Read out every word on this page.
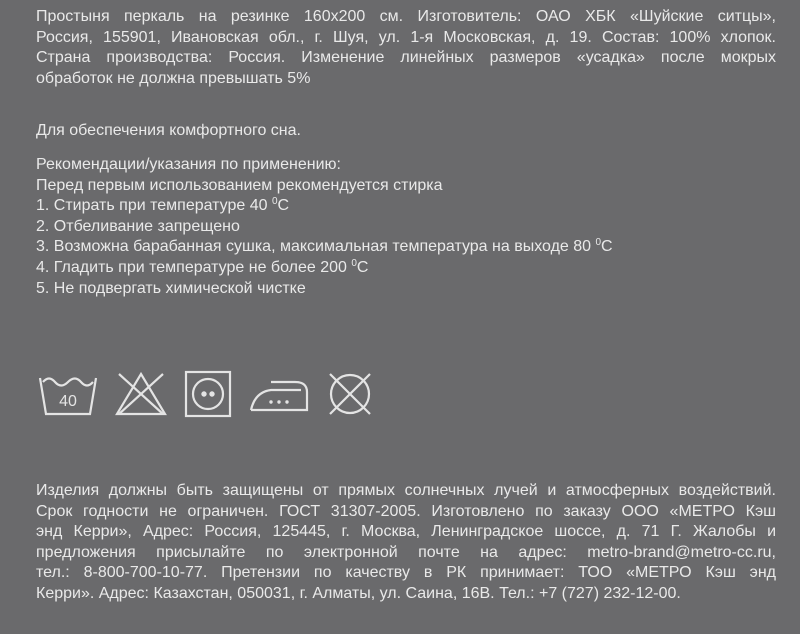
Простыня перкаль на резинке 160х200 см. Изготовитель: ОАО ХБК «Шуйские ситцы»,

Россия, 155901, Ивановская обл., г. Шуя, ул. 1-я Московская, д. 19. Состав: 100% хлопок.

Страна производства: Россия. Изменение линейных размеров «усадка» после мокрых

обработок не должна превышать 5%

Для обеспечения комфортного сна.

Рекомендации/указания по применению:

Перед первым использованием рекомендуется стирка

1. Стирать при температуре 40 $^0$С

2. Отбеливание запрещено

3. Возможна барабанная сушка, максимальная температура на выходе 80 $^0$С

4. Гладить при температуре не более 200 $^0$С

5. Не подвергать химической чистке

40

Изделия должны быть защищены от прямых солнечных лучей и атмосферных воздействий.

Срок годности не ограничен. ГОСТ 31307-2005. Изготовлено по заказу ООО «МЕТРО Кэш

энд Керри», Адрес: Россия, 125445, г. Москва, Ленинградское шоссе, д. 71 Г. Жалобы и

предложения присылайте по электронной почте на адрес: metro-brand@metro-cc.ru,

тел.: 8-800-700-10-77. Претензии по качеству в РК принимает: ТОО «МЕТРО Кэш энд

Керри». Адрес: Казахстан, 050031, г. Алматы, ул. Саина, 16В. Тел.: +7 (727) 232-12-00.
